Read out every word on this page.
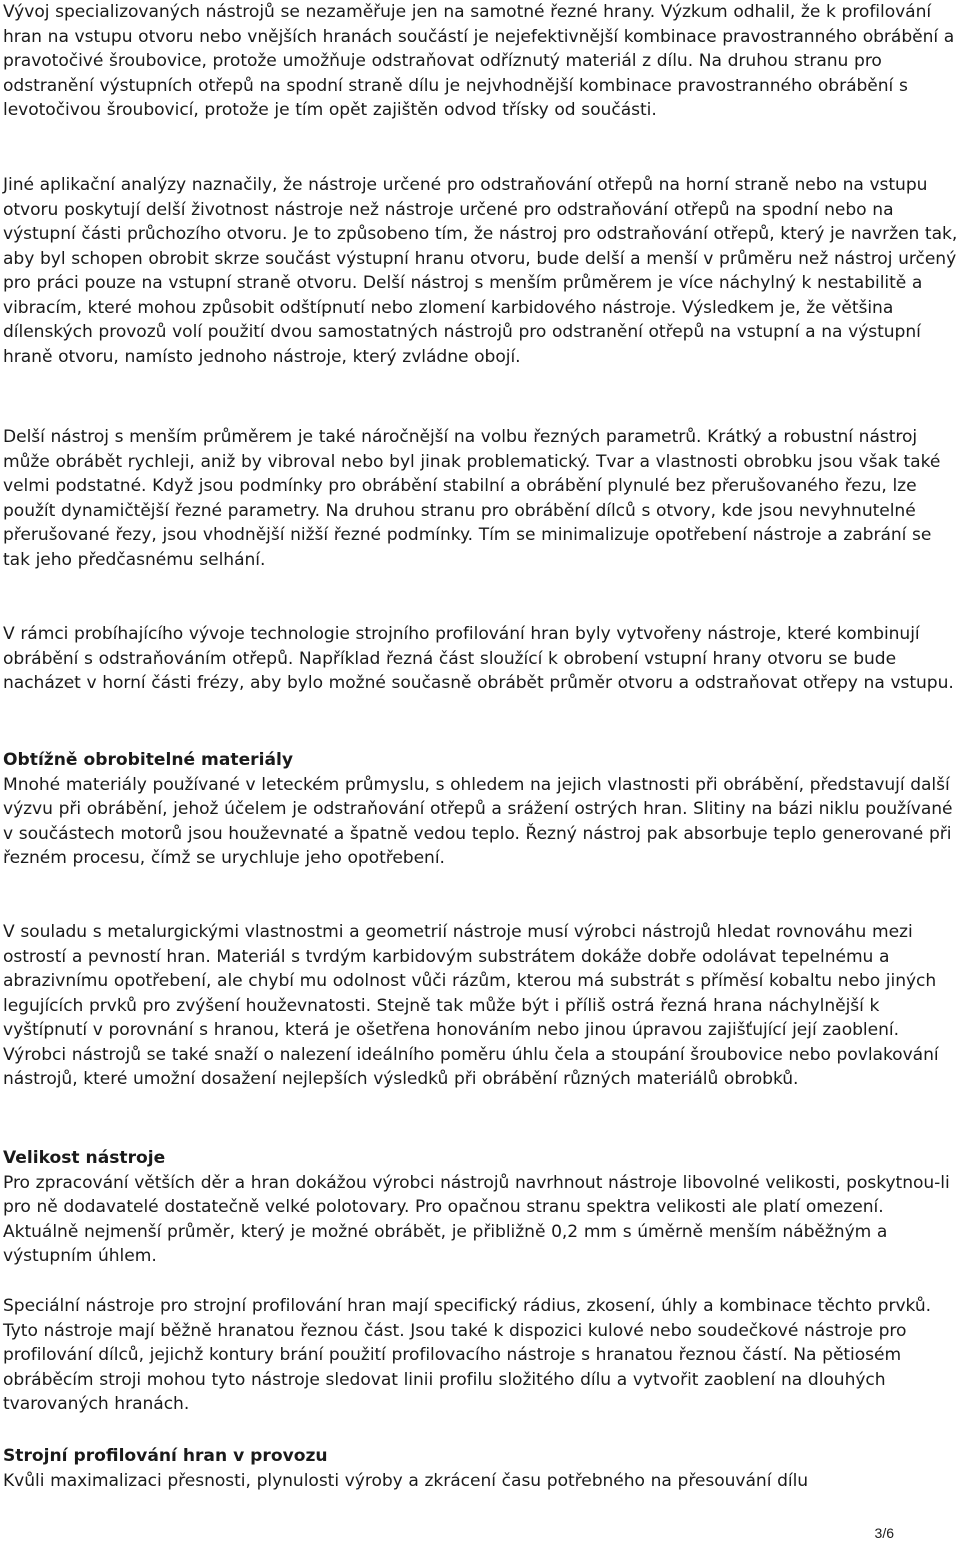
Vývoj specializovaných nástrojů se nezaměřuje jen na samotné řezné hrany. Výzkum odhalil, že k profilování hran na vstupu otvoru nebo vnějších hranách součástí je nejefektivnější kombinace pravostranného obrábění a pravotočivé šroubovice, protože umožňuje odstraňovat odříznutý materiál z dílu. Na druhou stranu pro odstranění výstupních otřepů na spodní straně dílu je nejvhodnější kombinace pravostranného obrábění s levotočivou šroubovicí, protože je tím opět zajištěn odvod třísky od součásti.

Jiné aplikační analýzy naznačily, že nástroje určené pro odstraňování otřepů na horní straně nebo na vstupu otvoru poskytují delší životnost nástroje než nástroje určené pro odstraňování otřepů na spodní nebo na výstupní části průchozího otvoru. Je to způsobeno tím, že nástroj pro odstraňování otřepů, který je navržen tak, aby byl schopen obrobit skrze součást výstupní hranu otvoru, bude delší a menší v průměru než nástroj určený pro práci pouze na vstupní straně otvoru. Delší nástroj s menším průměrem je více náchylný k nestabilitě a vibracím, které mohou způsobit odštípnutí nebo zlomení karbidového nástroje. Výsledkem je, že většina dílenských provozů volí použití dvou samostatných nástrojů pro odstranění otřepů na vstupní a na výstupní hraně otvoru, namísto jednoho nástroje, který zvládne obojí.

Delší nástroj s menším průměrem je také náročnější na volbu řezných parametrů. Krátký a robustní nástroj může obrábět rychleji, aniž by vibroval nebo byl jinak problematický. Tvar a vlastnosti obrobku jsou však také velmi podstatné. Když jsou podmínky pro obrábění stabilní a obrábění plynulé bez přerušovaného řezu, lze použít dynamičtější řezné parametry. Na druhou stranu pro obrábění dílců s otvory, kde jsou nevyhnutelné přerušované řezy, jsou vhodnější nižší řezné podmínky. Tím se minimalizuje opotřebení nástroje a zabrání se tak jeho předčasnému selhání.

V rámci probíhajícího vývoje technologie strojního profilování hran byly vytvořeny nástroje, které kombinují obrábění s odstraňováním otřepů. Například řezná část sloužící k obrobení vstupní hrany otvoru se bude nacházet v horní části frézy, aby bylo možné současně obrábět průměr otvoru a odstraňovat otřepy na vstupu.

Obtížně obrobitelné materiály

Mnohé materiály používané v leteckém průmyslu, s ohledem na jejich vlastnosti při obrábění, představují další výzvu při obrábění, jehož účelem je odstraňování otřepů a srážení ostrých hran. Slitiny na bázi niklu používané v součástech motorů jsou houževnaté a špatně vedou teplo. Řezný nástroj pak absorbuje teplo generované při řezném procesu, čímž se urychluje jeho opotřebení.

V souladu s metalurgickými vlastnostmi a geometrií nástroje musí výrobci nástrojů hledat rovnováhu mezi ostrostí a pevností hran. Materiál s tvrdým karbidovým substrátem dokáže dobře odolávat tepelnému a abrazivnímu opotřebení, ale chybí mu odolnost vůči rázům, kterou má substrát s příměsí kobaltu nebo jiných legujících prvků pro zvýšení houževnatosti. Stejně tak může být i příliš ostrá řezná hrana náchylnější k vyštípnutí v porovnání s hranou, která je ošetřena honováním nebo jinou úpravou zajišťující její zaoblení. Výrobci nástrojů se také snaží o nalezení ideálního poměru úhlu čela a stoupání šroubovice nebo povlakování nástrojů, které umožní dosažení nejlepších výsledků při obrábění různých materiálů obrobků.

Velikost nástroje

Pro zpracování větších děr a hran dokážou výrobci nástrojů navrhnout nástroje libovolné velikosti, poskytnou-li pro ně dodavatelé dostatečně velké polotovary. Pro opačnou stranu spektra velikosti ale platí omezení. Aktuálně nejmenší průměr, který je možné obrábět, je přibližně 0,2 mm s úměrně menším náběžným a výstupním úhlem.

Speciální nástroje pro strojní profilování hran mají specifický rádius, zkosení, úhly a kombinace těchto prvků. Tyto nástroje mají běžně hranatou řeznou část. Jsou také k dispozici kulové nebo soudečkové nástroje pro profilování dílců, jejichž kontury brání použití profilovacího nástroje s hranatou řeznou částí. Na pětiosém obráběcím stroji mohou tyto nástroje sledovat linii profilu složitého dílu a vytvořit zaoblení na dlouhých tvarovaných hranách.

Strojní profilování hran v provozu

Kvůli maximalizaci přesnosti, plynulosti výroby a zkrácení času potřebného na přesouvání dílu

3/6
